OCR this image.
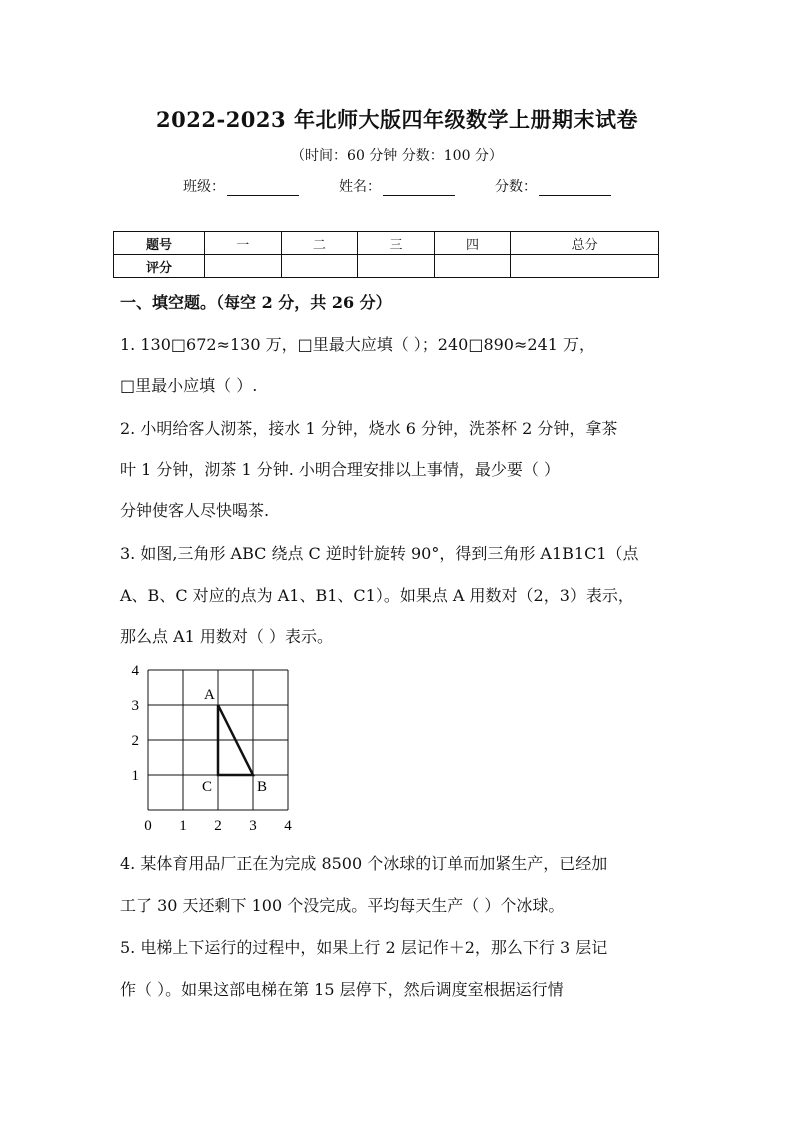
2022-2023 年北师大版四年级数学上册期末试卷
（时间：60 分钟 分数：100 分）
班级：	姓名：	分数：
题号	一	二	三	四	总分
评分					
一、填空题。（每空 2 分，共 26 分）
1. 130□672≈130 万，□里最大应填（ ）；240□890≈241 万，
□里最小应填（ ）.
2. 小明给客人沏茶，接水 1 分钟，烧水 6 分钟，洗茶杯 2 分钟，拿茶
叶 1 分钟，沏茶 1 分钟. 小明合理安排以上事情，最少要（ ）
分钟使客人尽快喝茶.
3. 如图,三角形 ABC 绕点 C 逆时针旋转 90°，得到三角形 A1B1C1（点
A、B、C 对应的点为 A1、B1、C1）。如果点 A 用数对（2，3）表示，
那么点 A1 用数对（ ）表示。
0 1 2 3 4
1
2
3
4
A
B
C
4. 某体育用品厂正在为完成 8500 个冰球的订单而加紧生产，已经加
工了 30 天还剩下 100 个没完成。平均每天生产（ ）个冰球。
5. 电梯上下运行的过程中，如果上行 2 层记作＋2，那么下行 3 层记
作（ ）。如果这部电梯在第 15 层停下，然后调度室根据运行情
